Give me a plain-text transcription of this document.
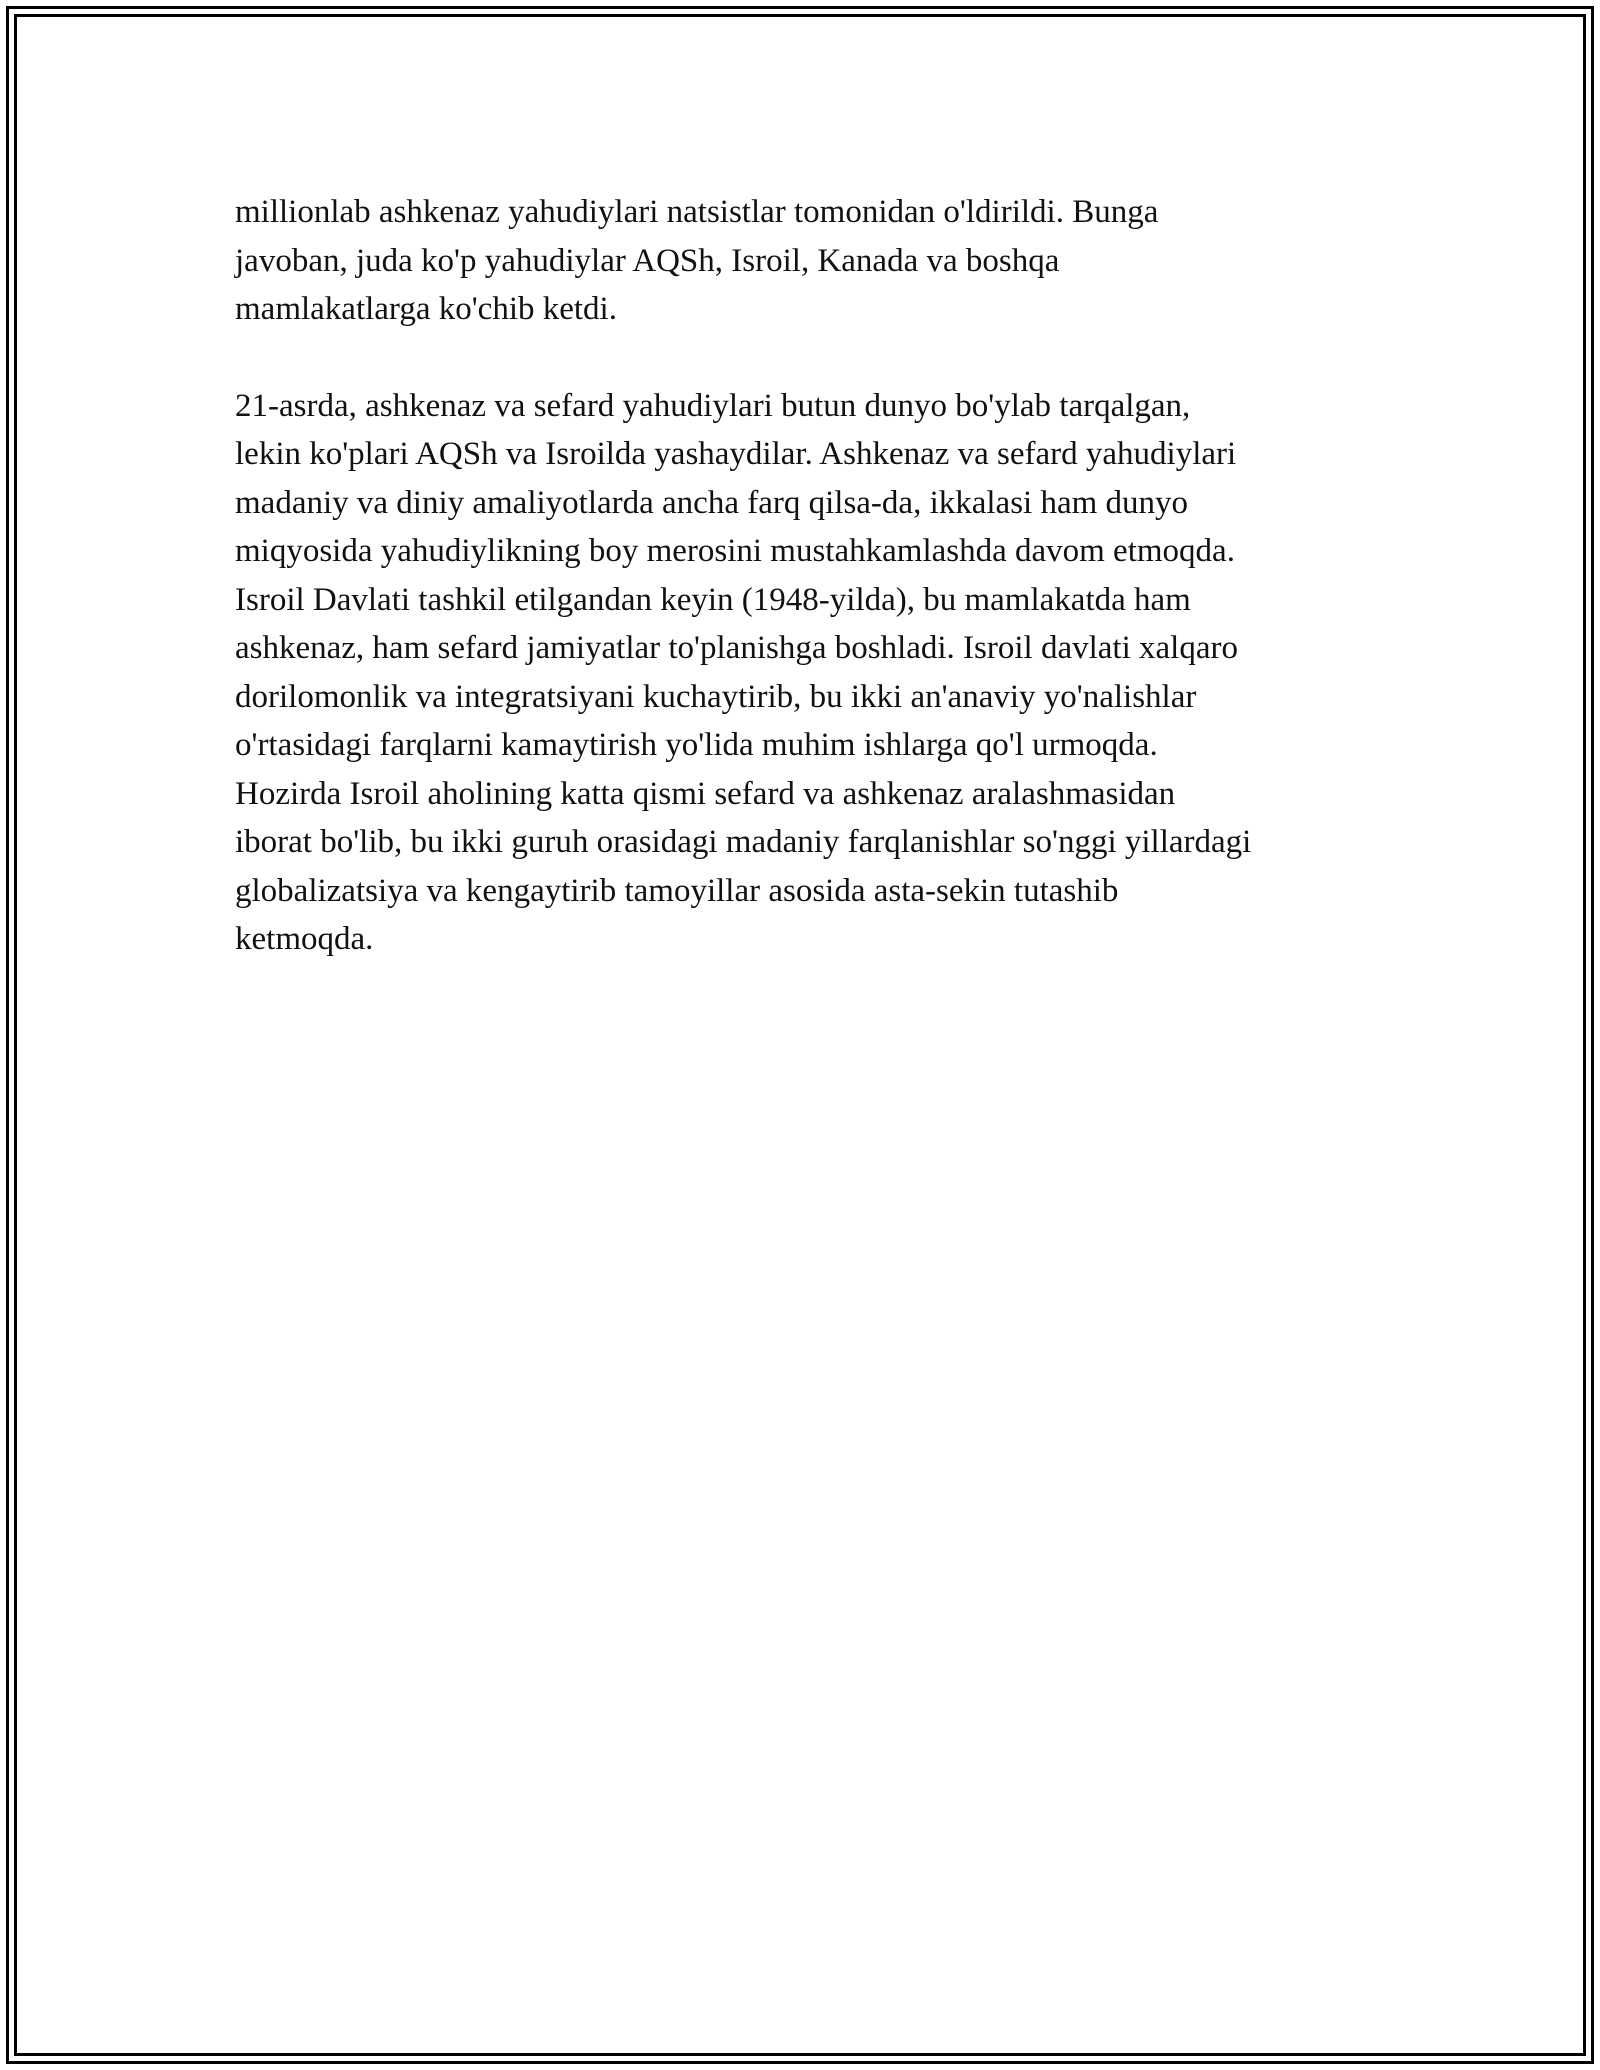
millionlab ashkenaz yahudiylari natsistlar tomonidan o'ldirildi. Bunga
javoban, juda ko'p yahudiylar AQSh, Isroil, Kanada va boshqa
mamlakatlarga ko'chib ketdi.

21-asrda, ashkenaz va sefard yahudiylari butun dunyo bo'ylab tarqalgan,
lekin ko'plari AQSh va Isroilda yashaydilar. Ashkenaz va sefard yahudiylari
madaniy va diniy amaliyotlarda ancha farq qilsa-da, ikkalasi ham dunyo
miqyosida yahudiylikning boy merosini mustahkamlashda davom etmoqda.
Isroil Davlati tashkil etilgandan keyin (1948-yilda), bu mamlakatda ham
ashkenaz, ham sefard jamiyatlar to'planishga boshladi. Isroil davlati xalqaro
dorilomonlik va integratsiyani kuchaytirib, bu ikki an'anaviy yo'nalishlar
o'rtasidagi farqlarni kamaytirish yo'lida muhim ishlarga qo'l urmoqda.
Hozirda Isroil aholining katta qismi sefard va ashkenaz aralashmasidan
iborat bo'lib, bu ikki guruh orasidagi madaniy farqlanishlar so'nggi yillardagi
globalizatsiya va kengaytirib tamoyillar asosida asta-sekin tutashib
ketmoqda.
